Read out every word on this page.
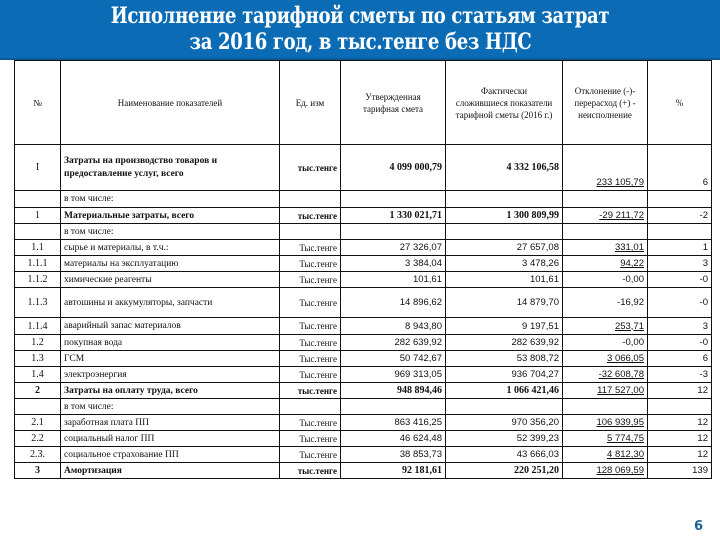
Исполнение тарифной сметы по статьям затрат
за 2016 год, в тыс.тенге без НДС
№	Наименование показателей	Ед. изм	Утвержденная тарифная смета	Фактически сложившиеся показатели тарифной сметы (2016 г.)	Отклонение (-)- перерасход (+) - неисполнение	%
I	Затраты на производство товаров и предоставление услуг, всего	тыс.тенге	4 099 000,79	4 332 106,58	233 105,79	6
	в том числе:					
1	Материальные затраты, всего	тыс.тенге	1 330 021,71	1 300 809,99	-29 211,72	-2
	в том числе:					
1.1	сырье и материалы, в т.ч.:	Тыс.тенге	27 326,07	27 657,08	331,01	1
1.1.1	материалы на эксплуатацию	Тыс.тенге	3 384,04	3 478,26	94,22	3
1.1.2	химические реагенты	Тыс.тенге	101,61	101,61	-0,00	-0
1.1.3	автошины и аккумуляторы, запчасти	Тыс.тенге	14 896,62	14 879,70	-16,92	-0
1.1.4	аварийный запас материалов	Тыс.тенге	8 943,80	9 197,51	253,71	3
1.2	покупная вода	Тыс.тенге	282 639,92	282 639,92	-0,00	-0
1.3	ГСМ	Тыс.тенге	50 742,67	53 808,72	3 066,05	6
1.4	электроэнергия	Тыс.тенге	969 313,05	936 704,27	-32 608,78	-3
2	Затраты на оплату труда, всего	тыс.тенге	948 894,46	1 066 421,46	117 527,00	12
	в том числе:					
2.1	заработная плата ПП	Тыс.тенге	863 416,25	970 356,20	106 939,95	12
2.2	социальный налог ПП	Тыс.тенге	46 624,48	52 399,23	5 774,75	12
2.3.	социальное страхование ПП	Тыс.тенге	38 853,73	43 666,03	4 812,30	12
3	Амортизация	тыс.тенге	92 181,61	220 251,20	128 069,59	139
6
